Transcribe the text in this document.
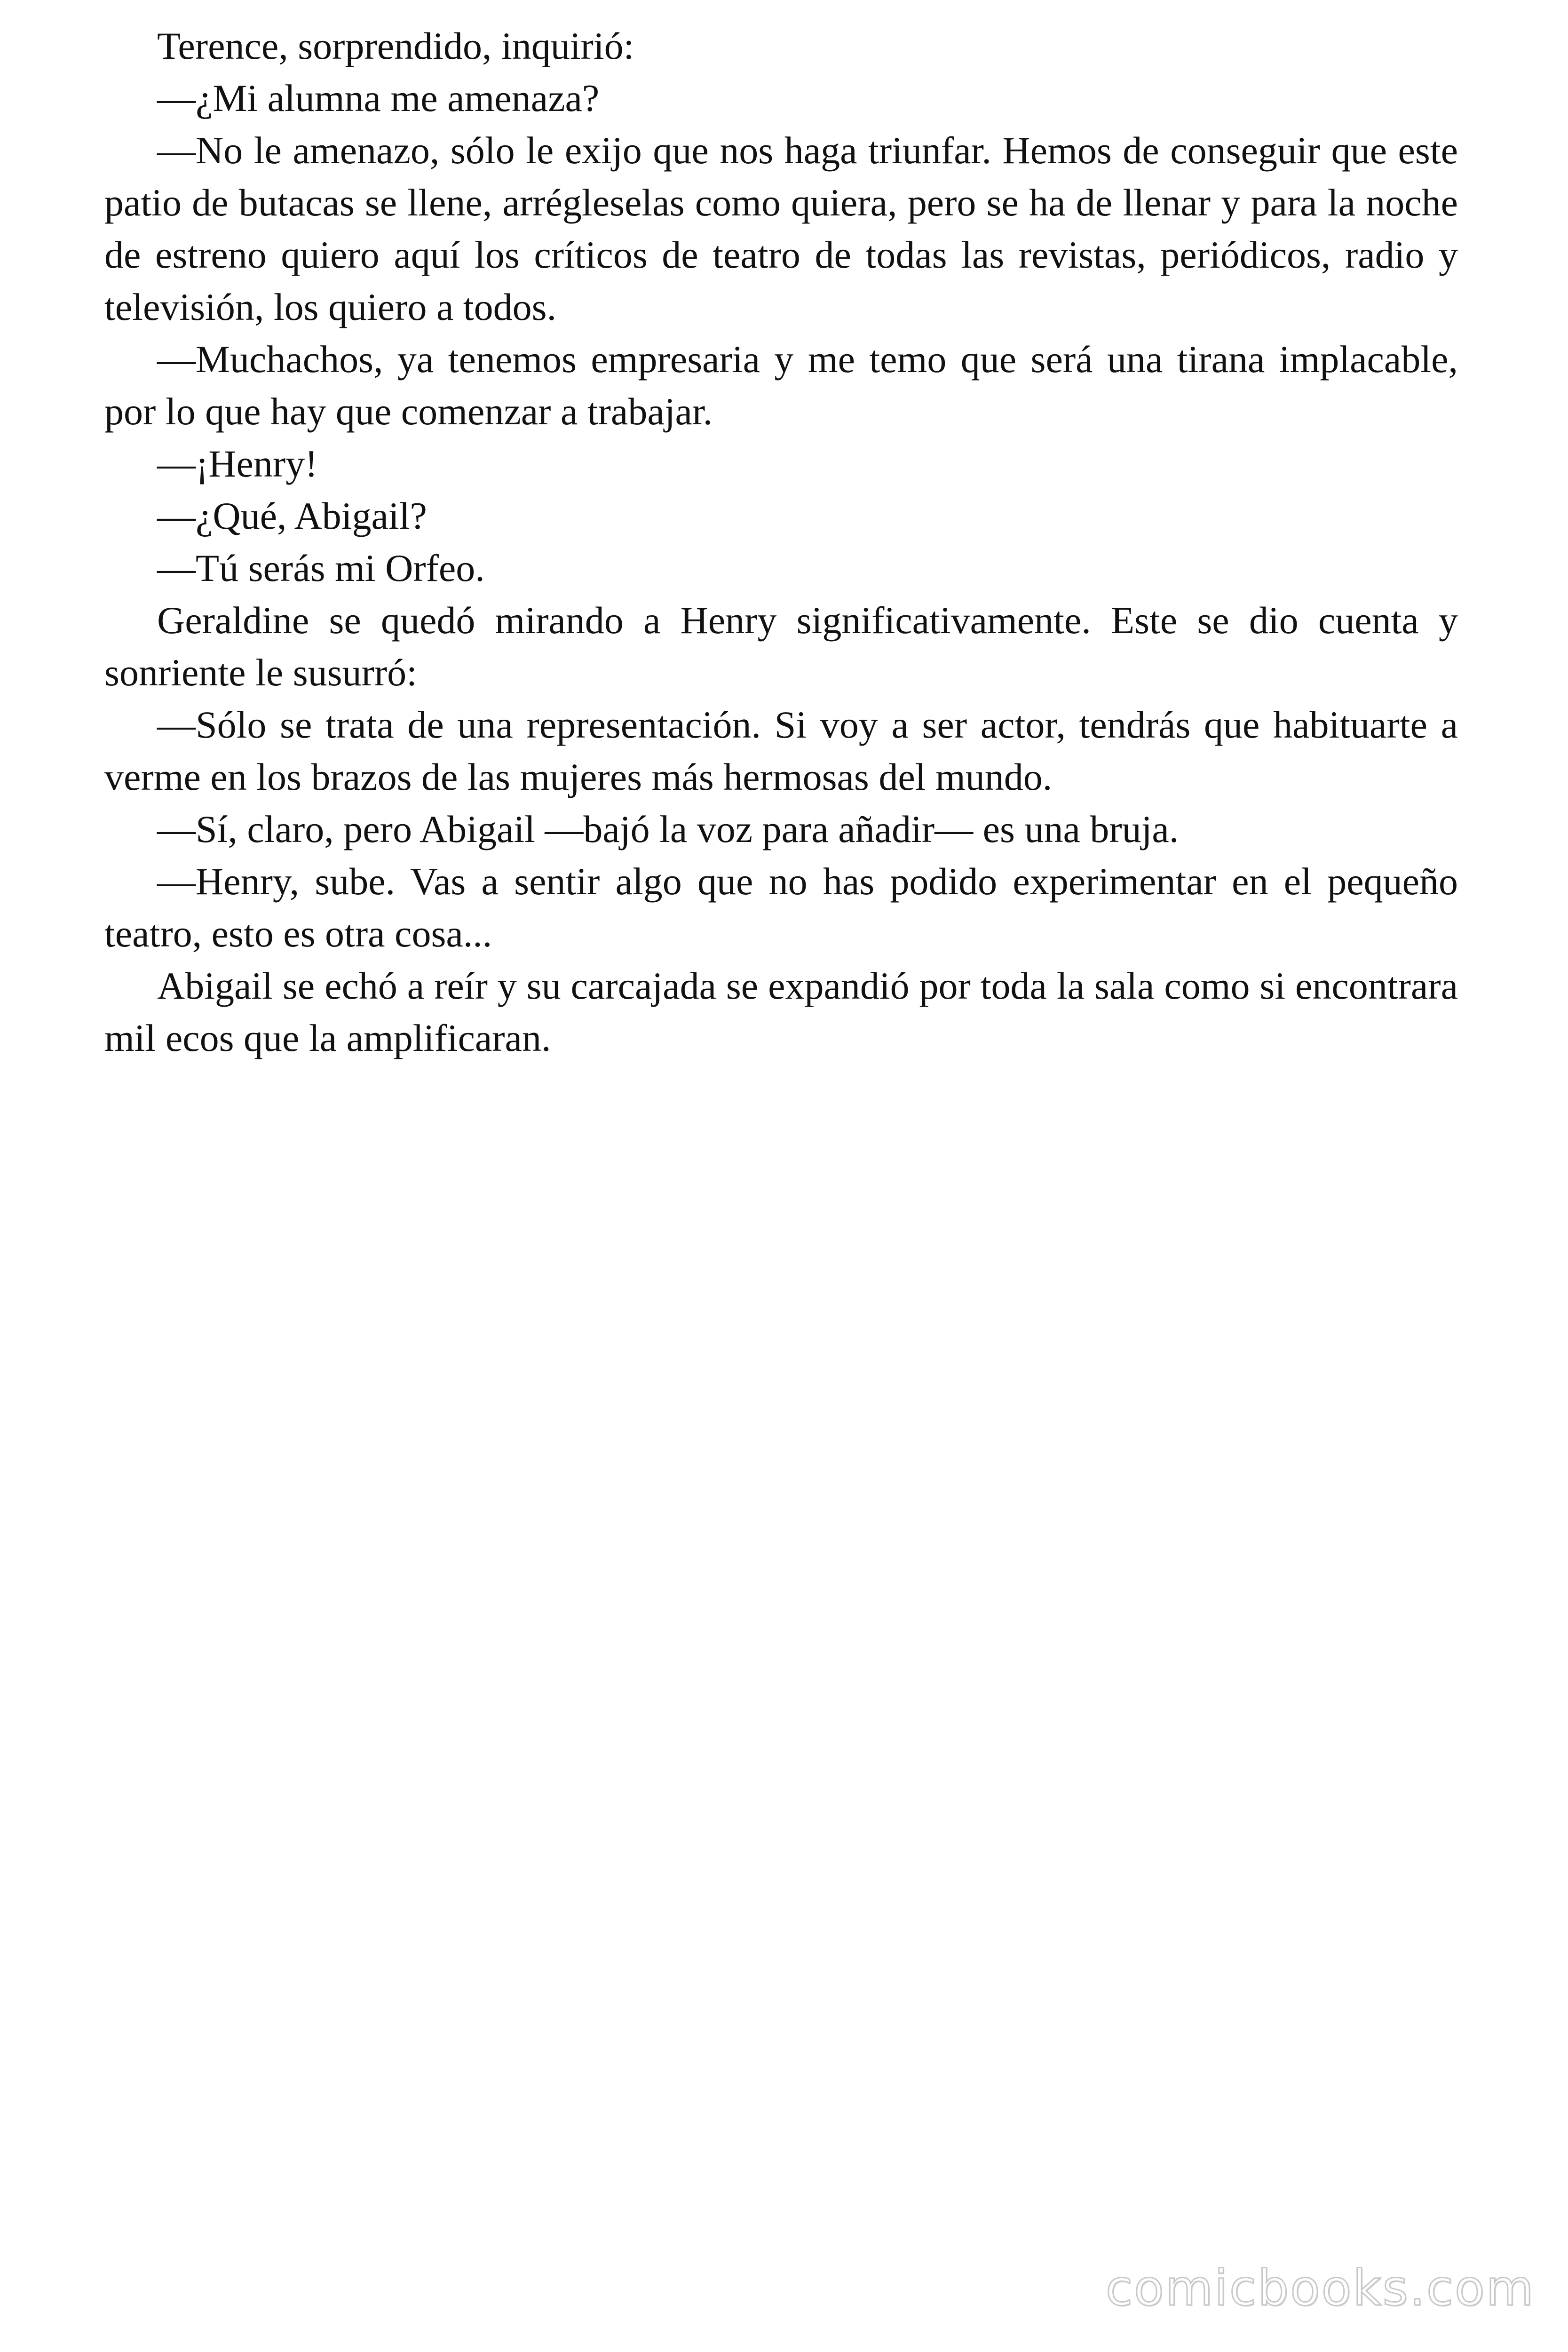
Terence, sorprendido, inquirió:

—¿Mi alumna me amenaza?

—No le amenazo, sólo le exijo que nos haga triunfar. Hemos de conseguir que este patio de butacas se llene, arrégleselas como quiera, pero se ha de llenar y para la noche de estreno quiero aquí los críticos de teatro de todas las revistas, periódicos, radio y televisión, los quiero a todos.

—Muchachos, ya tenemos empresaria y me temo que será una tirana implacable, por lo que hay que comenzar a trabajar.

—¡Henry!

—¿Qué, Abigail?

—Tú serás mi Orfeo.

Geraldine se quedó mirando a Henry significativamente. Este se dio cuenta y sonriente le susurró:

—Sólo se trata de una representación. Si voy a ser actor, tendrás que habituarte a verme en los brazos de las mujeres más hermosas del mundo.

—Sí, claro, pero Abigail —bajó la voz para añadir— es una bruja.

—Henry, sube. Vas a sentir algo que no has podido experimentar en el pequeño teatro, esto es otra cosa...

Abigail se echó a reír y su carcajada se expandió por toda la sala como si encontrara mil ecos que la amplificaran.

comicbooks.com
